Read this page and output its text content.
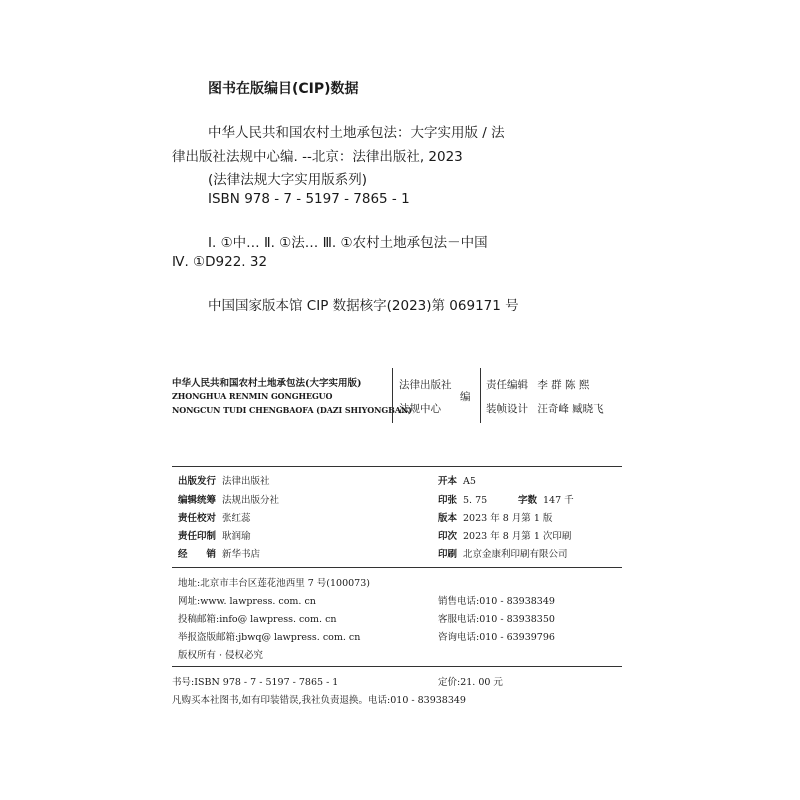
图书在版编目(CIP)数据
中华人民共和国农村土地承包法：大字实用版 / 法
律出版社法规中心编. --北京：法律出版社, 2023
(法律法规大字实用版系列)
ISBN 978 - 7 - 5197 - 7865 - 1
Ⅰ. ①中… Ⅱ. ①法… Ⅲ. ①农村土地承包法－中国
Ⅳ. ①D922. 32
中国国家版本馆 CIP 数据核字(2023)第 069171 号
中华人民共和国农村土地承包法(大字实用版)
ZHONGHUA RENMIN GONGHEGUO
NONGCUN TUDI CHENGBAOFA (DAZI SHIYONGBAN)
法律出版社
法规中心
编
责任编辑 李 群 陈 熙
装帧设计 汪奇峰 臧晓飞
出版发行 法律出版社
编辑统筹 法规出版分社
责任校对 张红蕊
责任印制 耿润瑜
经　　销 新华书店
开本 A5
印张 5. 75	字数 147 千
版本 2023 年 8 月第 1 版
印次 2023 年 8 月第 1 次印刷
印刷 北京金康利印刷有限公司
地址:北京市丰台区莲花池西里 7 号(100073)
网址:www. lawpress. com. cn
投稿邮箱:info@ lawpress. com. cn
举报盗版邮箱:jbwq@ lawpress. com. cn
版权所有 · 侵权必究
销售电话:010 - 83938349
客服电话:010 - 83938350
咨询电话:010 - 63939796
书号:ISBN 978 - 7 - 5197 - 7865 - 1	定价:21. 00 元
凡购买本社图书,如有印装错误,我社负责退换。电话:010 - 83938349
